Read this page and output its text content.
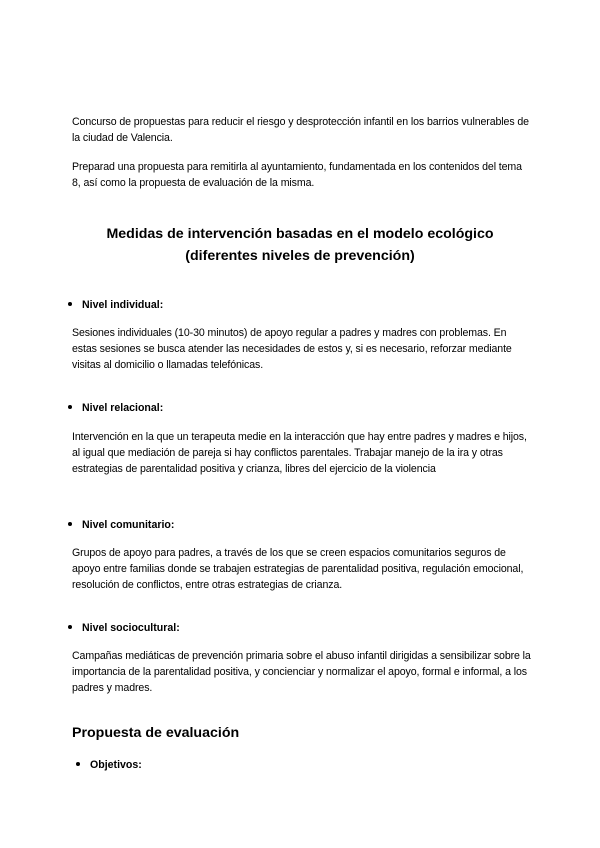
Concurso de propuestas para reducir el riesgo y desprotección infantil en los barrios vulnerables de la ciudad de Valencia.

Preparad una propuesta para remitirla al ayuntamiento, fundamentada en los contenidos del tema 8, así como la propuesta de evaluación de la misma.

Medidas de intervención basadas en el modelo ecológico

(diferentes niveles de prevención)

Nivel individual:

Sesiones individuales (10-30 minutos) de apoyo regular a padres y madres con problemas. En estas sesiones se busca atender las necesidades de estos y, si es necesario, reforzar mediante visitas al domicilio o llamadas telefónicas.

Nivel relacional:

Intervención en la que un terapeuta medie en la interacción que hay entre padres y madres e hijos, al igual que mediación de pareja si hay conflictos parentales. Trabajar manejo de la ira y otras estrategias de parentalidad positiva y crianza, libres del ejercicio de la violencia

Nivel comunitario:

Grupos de apoyo para padres, a través de los que se creen espacios comunitarios seguros de apoyo entre familias donde se trabajen estrategias de parentalidad positiva, regulación emocional, resolución de conflictos, entre otras estrategias de crianza.

Nivel sociocultural:

Campañas mediáticas de prevención primaria sobre el abuso infantil dirigidas a sensibilizar sobre la importancia de la parentalidad positiva, y concienciar y normalizar el apoyo, formal e informal, a los padres y madres.

Propuesta de evaluación

Objetivos:
